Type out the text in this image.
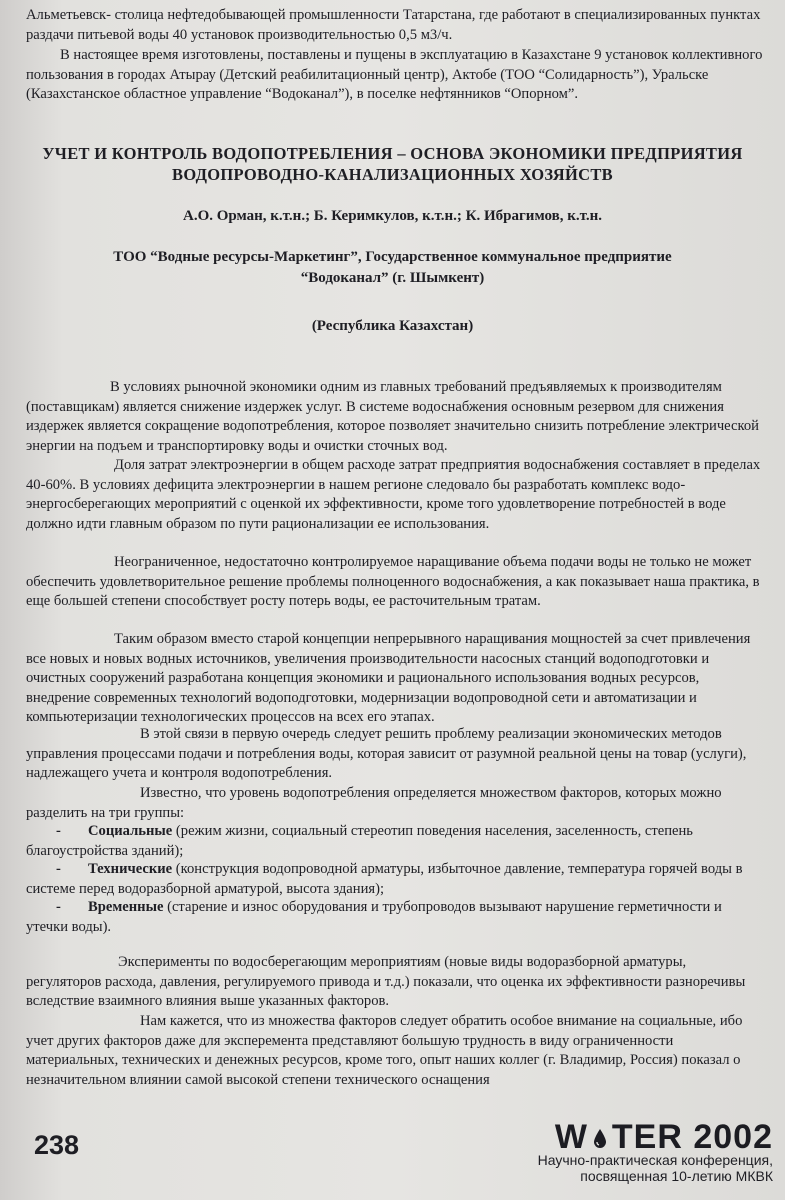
Альметьевск- столица нефтедобывающей промышленности Татарстана, где работают в специализированных пунктах раздачи питьевой воды 40 установок производительностью 0,5 м3/ч.

В настоящее время изготовлены, поставлены и пущены в эксплуатацию в Казахстане 9 установок коллективного пользования в городах Атырау (Детский реабилитационный центр), Актобе (ТОО “Солидарность”), Уральске (Казахстанское областное управление “Водоканал”), в поселке нефтянников “Опорном”.

УЧЕТ И КОНТРОЛЬ ВОДОПОТРЕБЛЕНИЯ – ОСНОВА ЭКОНОМИКИ ПРЕДПРИЯТИЯ ВОДОПРОВОДНО-КАНАЛИЗАЦИОННЫХ ХОЗЯЙСТВ
А.О. Орман, к.т.н.; Б. Керимкулов, к.т.н.; К. Ибрагимов, к.т.н.
ТОО “Водные ресурсы-Маркетинг”, Государственное коммунальное предприятие “Водоканал” (г. Шымкент)
(Республика Казахстан)

В условиях рыночной экономики одним из главных требований предъявляемых к производителям (поставщикам) является снижение издержек услуг. В системе водоснабжения основным резервом для снижения издержек является сокращение водопотребления, которое позволяет значительно снизить потребление электрической энергии на подъем и транспортировку воды и очистки сточных вод.

Доля затрат электроэнергии в общем расходе затрат предприятия водоснабжения составляет в пределах 40-60%. В условиях дефицита электроэнергии в нашем регионе следовало бы разработать комплекс водо-энергосберегающих мероприятий с оценкой их эффективности, кроме того удовлетворение потребностей в воде должно идти главным образом по пути рационализации ее использования.

Неограниченное, недостаточно контролируемое наращивание объема подачи воды не только не может обеспечить удовлетворительное решение проблемы полноценного водоснабжения, а как показывает наша практика, в еще большей степени способствует росту потерь воды, ее расточительным тратам.

Таким образом вместо старой концепции непрерывного наращивания мощностей за счет привлечения все новых и новых водных источников, увеличения производительности насосных станций водоподготовки и очистных сооружений разработана концепция экономики и рационального использования водных ресурсов, внедрение современных технологий водоподготовки, модернизации водопроводной сети и автоматизации и компьютеризации технологических процессов на всех его этапах.

В этой связи в первую очередь следует решить проблему реализации экономических методов управления процессами подачи и потребления воды, которая зависит от разумной реальной цены на товар (услуги), надлежащего учета и контроля водопотребления.

Известно, что уровень водопотребления определяется множеством факторов, которых можно разделить на три группы:

- Социальные (режим жизни, социальный стереотип поведения населения, заселенность, степень благоустройства зданий);
- Технические (конструкция водопроводной арматуры, избыточное давление, температура горячей воды в системе перед водоразборной арматурой, высота здания);
- Временные (старение и износ оборудования и трубопроводов вызывают нарушение герметичности и утечки воды).

Эксперименты по водосберегающим мероприятиям (новые виды водоразборной арматуры, регуляторов расхода, давления, регулируемого привода и т.д.) показали, что оценка их эффективности разноречивы вследствие взаимного влияния выше указанных факторов.

Нам кажется, что из множества факторов следует обратить особое внимание на социальные, ибо учет других факторов даже для эксперемента представляют большую трудность в виду ограниченности материальных, технических и денежных ресурсов, кроме того, опыт наших коллег (г. Владимир, Россия) показал о незначительном влиянии самой высокой степени технического оснащения

238	W TER 2002
Научно-практическая конференция,
посвященная 10-летию МКВК
